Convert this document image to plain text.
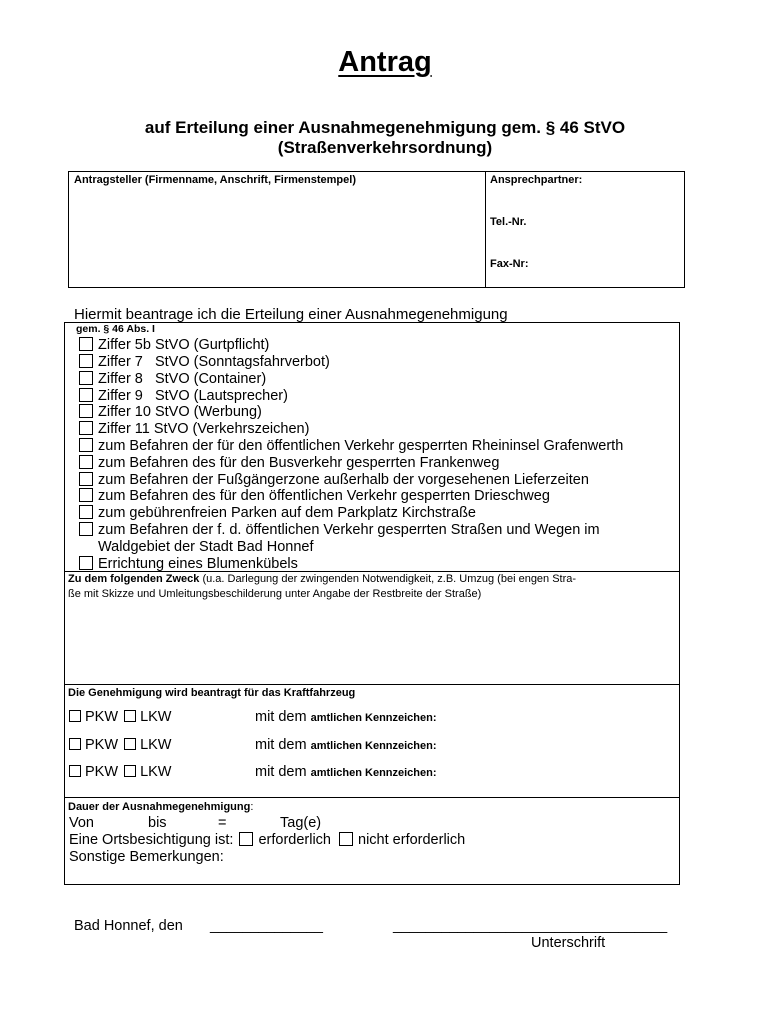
Antrag
auf Erteilung einer Ausnahmegenehmigung gem. § 46 StVO
(Straßenverkehrsordnung)
Antragsteller (Firmenname, Anschrift, Firmenstempel)	Ansprechpartner:
Tel.-Nr.
Fax-Nr:
Hiermit beantrage ich die Erteilung einer Ausnahmegenehmigung
gem. § 46 Abs. I
Ziffer 5b StVO (Gurtpflicht)
Ziffer 7   StVO (Sonntagsfahrverbot)
Ziffer 8   StVO (Container)
Ziffer 9   StVO (Lautsprecher)
Ziffer 10 StVO (Werbung)
Ziffer 11 StVO (Verkehrszeichen)
zum Befahren der für den öffentlichen Verkehr gesperrten Rheininsel Grafenwerth
zum Befahren des für den Busverkehr gesperrten Frankenweg
zum Befahren der Fußgängerzone außerhalb der vorgesehenen Lieferzeiten
zum Befahren des für den öffentlichen Verkehr gesperrten Drieschweg
zum gebührenfreien Parken auf dem Parkplatz Kirchstraße
zum Befahren der f. d. öffentlichen Verkehr gesperrten Straßen und Wegen im
Waldgebiet der Stadt Bad Honnef
Errichtung eines Blumenkübels
Zu dem folgenden Zweck (u.a. Darlegung der zwingenden Notwendigkeit, z.B. Umzug (bei engen Stra-
ße mit Skizze und Umleitungsbeschilderung unter Angabe der Restbreite der Straße)
Die Genehmigung wird beantragt für das Kraftfahrzeug
PKW LKW	mit dem amtlichen Kennzeichen:
PKW LKW	mit dem amtlichen Kennzeichen:
PKW LKW	mit dem amtlichen Kennzeichen:
Dauer der Ausnahmegenehmigung:
Von	bis	=	Tag(e)
Eine Ortsbesichtigung ist: erforderlich nicht erforderlich
Sonstige Bemerkungen:
Bad Honnef, den ______________	__________________________________
Unterschrift
